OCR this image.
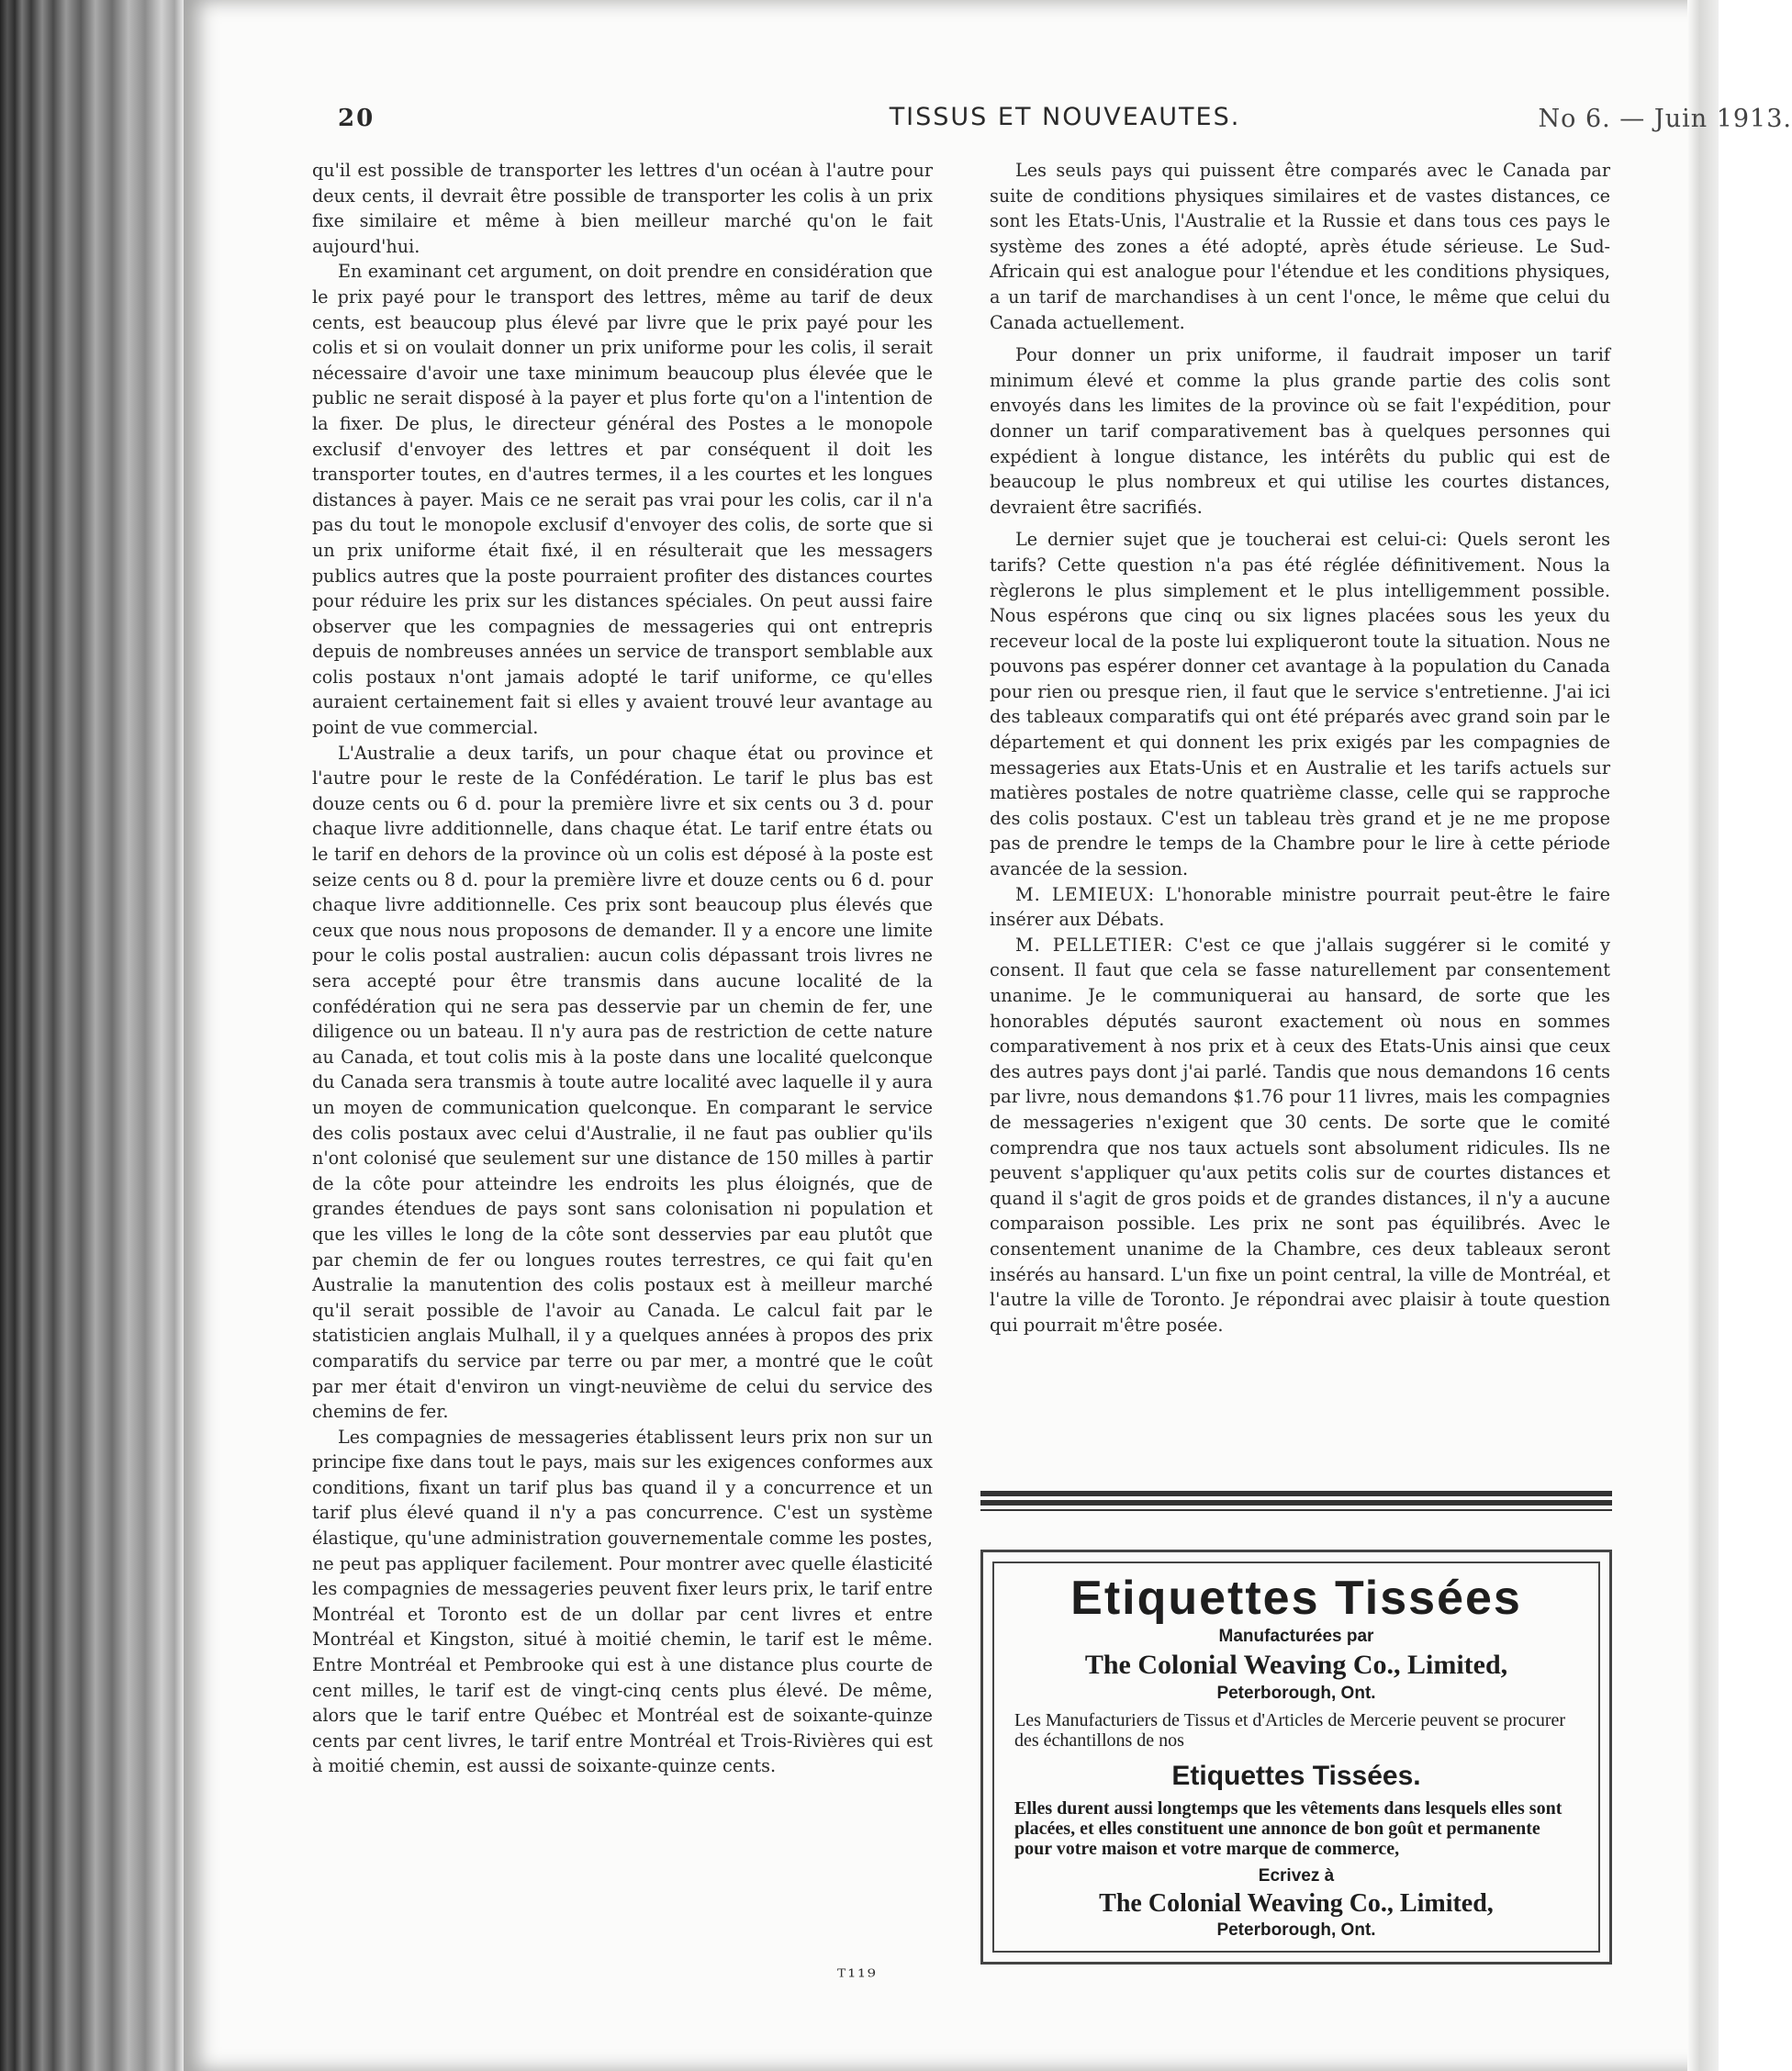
20	TISSUS ET NOUVEAUTES.	No 6. — Juin 1913.

qu'il est possible de transporter les lettres d'un océan à l'autre pour deux cents, il devrait être possible de transporter les colis à un prix fixe similaire et même à bien meilleur marché qu'on le fait aujourd'hui.

En examinant cet argument, on doit prendre en considération que le prix payé pour le transport des lettres, même au tarif de deux cents, est beaucoup plus élevé par livre que le prix payé pour les colis et si on voulait donner un prix uniforme pour les colis, il serait nécessaire d'avoir une taxe minimum beaucoup plus élevée que le public ne serait disposé à la payer et plus forte qu'on a l'intention de la fixer. De plus, le directeur général des Postes a le monopole exclusif d'envoyer des lettres et par conséquent il doit les transporter toutes, en d'autres termes, il a les courtes et les longues distances à payer. Mais ce ne serait pas vrai pour les colis, car il n'a pas du tout le monopole exclusif d'envoyer des colis, de sorte que si un prix uniforme était fixé, il en résulterait que les messagers publics autres que la poste pourraient profiter des distances courtes pour réduire les prix sur les distances spéciales. On peut aussi faire observer que les compagnies de messageries qui ont entrepris depuis de nombreuses années un service de transport semblable aux colis postaux n'ont jamais adopté le tarif uniforme, ce qu'elles auraient certainement fait si elles y avaient trouvé leur avantage au point de vue commercial.

L'Australie a deux tarifs, un pour chaque état ou province et l'autre pour le reste de la Confédération. Le tarif le plus bas est douze cents ou 6 d. pour la première livre et six cents ou 3 d. pour chaque livre additionnelle, dans chaque état. Le tarif entre états ou le tarif en dehors de la province où un colis est déposé à la poste est seize cents ou 8 d. pour la première livre et douze cents ou 6 d. pour chaque livre additionnelle. Ces prix sont beaucoup plus élevés que ceux que nous nous proposons de demander. Il y a encore une limite pour le colis postal australien: aucun colis dépassant trois livres ne sera accepté pour être transmis dans aucune localité de la confédération qui ne sera pas desservie par un chemin de fer, une diligence ou un bateau. Il n'y aura pas de restriction de cette nature au Canada, et tout colis mis à la poste dans une localité quelconque du Canada sera transmis à toute autre localité avec laquelle il y aura un moyen de communication quelconque. En comparant le service des colis postaux avec celui d'Australie, il ne faut pas oublier qu'ils n'ont colonisé que seulement sur une distance de 150 milles à partir de la côte pour atteindre les endroits les plus éloignés, que de grandes étendues de pays sont sans colonisation ni population et que les villes le long de la côte sont desservies par eau plutôt que par chemin de fer ou longues routes terrestres, ce qui fait qu'en Australie la manutention des colis postaux est à meilleur marché qu'il serait possible de l'avoir au Canada. Le calcul fait par le statisticien anglais Mulhall, il y a quelques années à propos des prix comparatifs du service par terre ou par mer, a montré que le coût par mer était d'environ un vingt-neuvième de celui du service des chemins de fer.

Les compagnies de messageries établissent leurs prix non sur un principe fixe dans tout le pays, mais sur les exigences conformes aux conditions, fixant un tarif plus bas quand il y a concurrence et un tarif plus élevé quand il n'y a pas concurrence. C'est un système élastique, qu'une administration gouvernementale comme les postes, ne peut pas appliquer facilement. Pour montrer avec quelle élasticité les compagnies de messageries peuvent fixer leurs prix, le tarif entre Montréal et Toronto est de un dollar par cent livres et entre Montréal et Kingston, situé à moitié chemin, le tarif est le même. Entre Montréal et Pembrooke qui est à une distance plus courte de cent milles, le tarif est de vingt-cinq cents plus élevé. De même, alors que le tarif entre Québec et Montréal est de soixante-quinze cents par cent livres, le tarif entre Montréal et Trois-Rivières qui est à moitié chemin, est aussi de soixante-quinze cents.

Les seuls pays qui puissent être comparés avec le Canada par suite de conditions physiques similaires et de vastes distances, ce sont les Etats-Unis, l'Australie et la Russie et dans tous ces pays le système des zones a été adopté, après étude sérieuse. Le Sud-Africain qui est analogue pour l'étendue et les conditions physiques, a un tarif de marchandises à un cent l'once, le même que celui du Canada actuellement.

Pour donner un prix uniforme, il faudrait imposer un tarif minimum élevé et comme la plus grande partie des colis sont envoyés dans les limites de la province où se fait l'expédition, pour donner un tarif comparativement bas à quelques personnes qui expédient à longue distance, les intérêts du public qui est de beaucoup le plus nombreux et qui utilise les courtes distances, devraient être sacrifiés.

Le dernier sujet que je toucherai est celui-ci: Quels seront les tarifs? Cette question n'a pas été réglée définitivement. Nous la règlerons le plus simplement et le plus intelligemment possible. Nous espérons que cinq ou six lignes placées sous les yeux du receveur local de la poste lui expliqueront toute la situation. Nous ne pouvons pas espérer donner cet avantage à la population du Canada pour rien ou presque rien, il faut que le service s'entretienne. J'ai ici des tableaux comparatifs qui ont été préparés avec grand soin par le département et qui donnent les prix exigés par les compagnies de messageries aux Etats-Unis et en Australie et les tarifs actuels sur matières postales de notre quatrième classe, celle qui se rapproche des colis postaux. C'est un tableau très grand et je ne me propose pas de prendre le temps de la Chambre pour le lire à cette période avancée de la session.

M. LEMIEUX: L'honorable ministre pourrait peut-être le faire insérer aux Débats.

M. PELLETIER: C'est ce que j'allais suggérer si le comité y consent. Il faut que cela se fasse naturellement par consentement unanime. Je le communiquerai au hansard, de sorte que les honorables députés sauront exactement où nous en sommes comparativement à nos prix et à ceux des Etats-Unis ainsi que ceux des autres pays dont j'ai parlé. Tandis que nous demandons 16 cents par livre, nous demandons $1.76 pour 11 livres, mais les compagnies de messageries n'exigent que 30 cents. De sorte que le comité comprendra que nos taux actuels sont absolument ridicules. Ils ne peuvent s'appliquer qu'aux petits colis sur de courtes distances et quand il s'agit de gros poids et de grandes distances, il n'y a aucune comparaison possible. Les prix ne sont pas équilibrés. Avec le consentement unanime de la Chambre, ces deux tableaux seront insérés au hansard. L'un fixe un point central, la ville de Montréal, et l'autre la ville de Toronto. Je répondrai avec plaisir à toute question qui pourrait m'être posée.

Etiquettes Tissées
Manufacturées par
The Colonial Weaving Co., Limited,
Peterborough, Ont.
Les Manufacturiers de Tissus et d'Articles de Mercerie peuvent se procurer des échantillons de nos
Etiquettes Tissées.
Elles durent aussi longtemps que les vêtements dans lesquels elles sont placées, et elles constituent une annonce de bon goût et permanente pour votre maison et votre marque de commerce,
Ecrivez à
The Colonial Weaving Co., Limited,
Peterborough, Ont.
ᵀ¹¹⁹
